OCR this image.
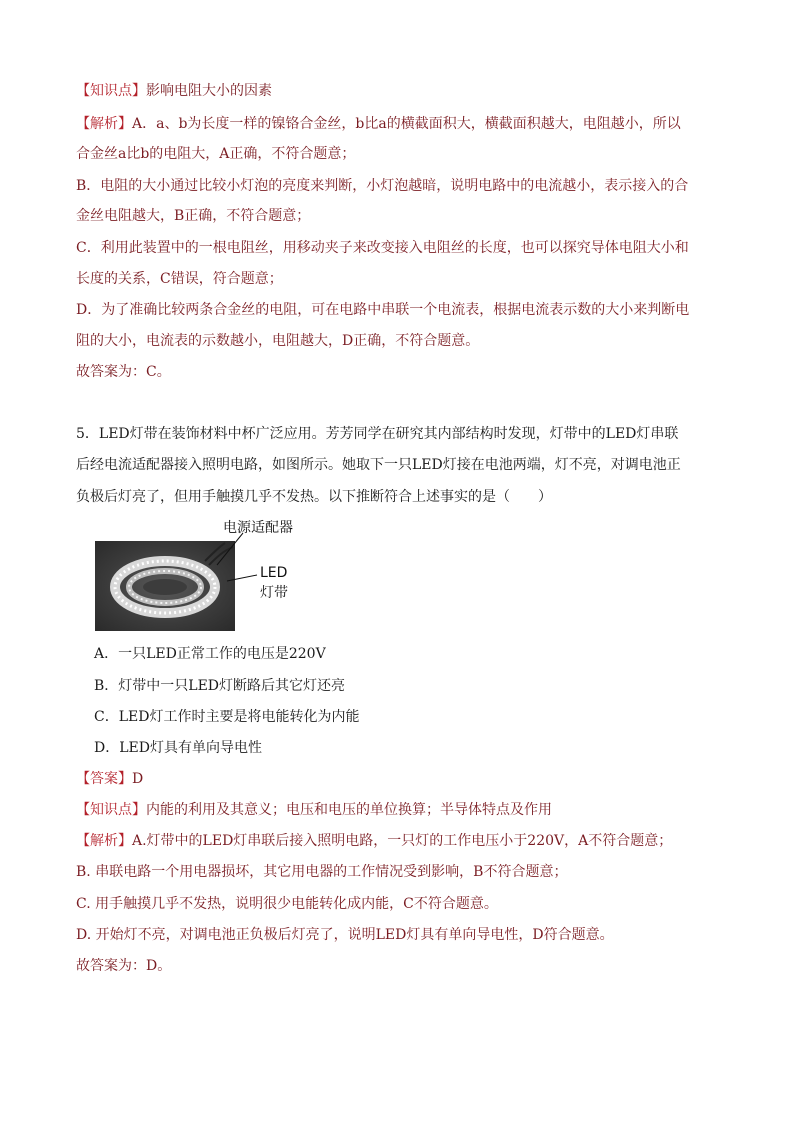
【知识点】影响电阻大小的因素
【解析】A．a、b为长度一样的镍铬合金丝，b比a的横截面积大，横截面积越大，电阻越小，所以
合金丝a比b的电阻大，A正确，不符合题意；
B．电阻的大小通过比较小灯泡的亮度来判断，小灯泡越暗，说明电路中的电流越小，表示接入的合
金丝电阻越大，B正确，不符合题意；
C．利用此装置中的一根电阻丝，用移动夹子来改变接入电阻丝的长度，也可以探究导体电阻大小和
长度的关系，C错误，符合题意；
D．为了准确比较两条合金丝的电阻，可在电路中串联一个电流表，根据电流表示数的大小来判断电
阻的大小，电流表的示数越小，电阻越大，D正确，不符合题意。
故答案为：C。
5．LED灯带在装饰材料中杯广泛应用。芳芳同学在研究其内部结构时发现，灯带中的LED灯串联
后经电流适配器接入照明电路，如图所示。她取下一只LED灯接在电池两端，灯不亮，对调电池正
负极后灯亮了，但用手触摸几乎不发热。以下推断符合上述事实的是（　　）
电源适配器
LED
灯带
A．一只LED正常工作的电压是220V
B．灯带中一只LED灯断路后其它灯还亮
C．LED灯工作时主要是将电能转化为内能
D．LED灯具有单向导电性
【答案】D
【知识点】内能的利用及其意义；电压和电压的单位换算；半导体特点及作用
【解析】A.灯带中的LED灯串联后接入照明电路，一只灯的工作电压小于220V，A不符合题意；
B. 串联电路一个用电器损坏，其它用电器的工作情况受到影响，B不符合题意；
C. 用手触摸几乎不发热，说明很少电能转化成内能，C不符合题意。
D. 开始灯不亮，对调电池正负极后灯亮了，说明LED灯具有单向导电性，D符合题意。
故答案为：D。
